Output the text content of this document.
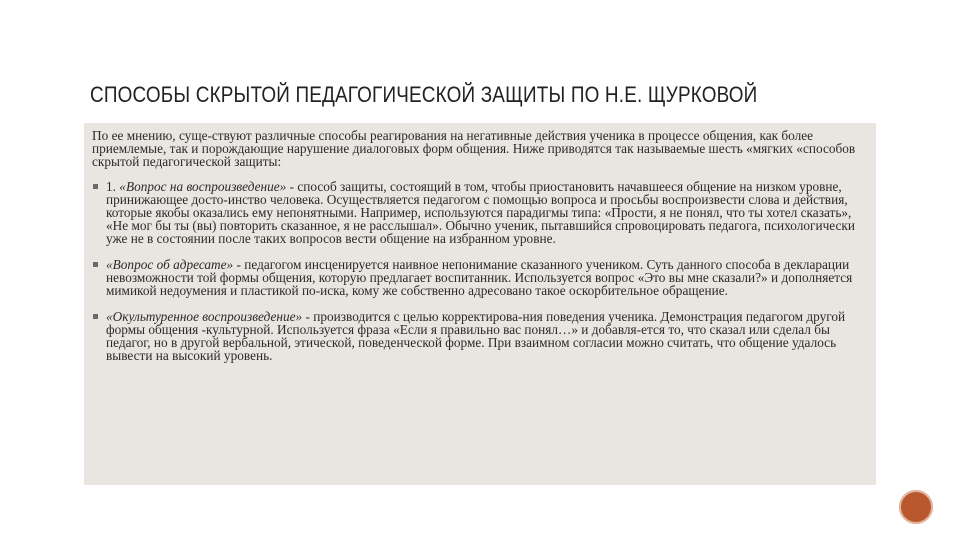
СПОСОБЫ СКРЫТОЙ ПЕДАГОГИЧЕСКОЙ ЗАЩИТЫ ПО Н.Е. ЩУРКОВОЙ

По ее мнению, суще-ствуют различные способы реагирования на негативные действия ученика в процессе общения, как более приемлемые, так и порождающие нарушение диалоговых форм общения. Ниже приводятся так называемые шесть «мягких «способов скрытой педагогической защиты:

1. «Вопрос на воспроизведение» - способ защиты, состоящий в том, чтобы приостановить начавшееся общение на низком уровне, принижающее досто-инство человека. Осуществляется педагогом с помощью вопроса и просьбы воспроизвести слова и действия, которые якобы оказались ему непонятными. Например, используются парадигмы типа: «Прости, я не понял, что ты хотел сказать», «Не мог бы ты (вы) повторить сказанное, я не расслышал». Обычно ученик, пытавшийся спровоцировать педагога, психологически уже не в состоянии после таких вопросов вести общение на избранном уровне.
«Вопрос об адресате» - педагогом инсценируется наивное непонимание сказанного учеником. Суть данного способа в декларации невозможности той формы общения, которую предлагает воспитанник. Используется вопрос «Это вы мне сказали?» и дополняется мимикой недоумения и пластикой по-иска, кому же собственно адресовано такое оскорбительное обращение.
«Окультуренное воспроизведение» - производится с целью корректирова-ния поведения ученика. Демонстрация педагогом другой формы общения -культурной. Используется фраза «Если я правильно вас понял…» и добавля-ется то, что сказал или сделал бы педагог, но в другой вербальной, этической, поведенческой форме. При взаимном согласии можно считать, что общение удалось вывести на высокий уровень.
